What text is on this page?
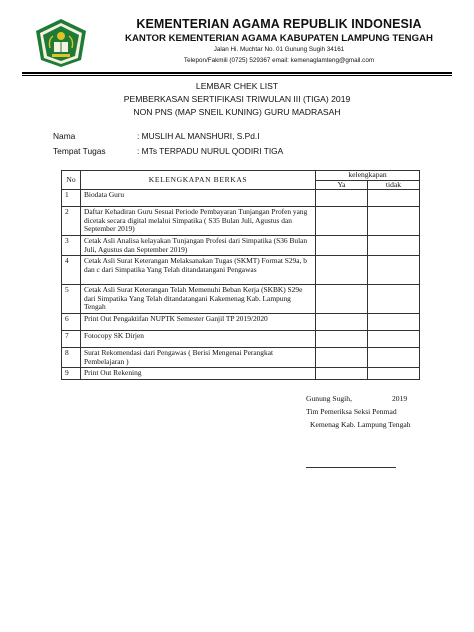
KEMENTERIAN AGAMA REPUBLIK INDONESIA
KANTOR KEMENTERIAN AGAMA KABUPATEN LAMPUNG TENGAH
Jalan Hi. Muchtar No. 01 Gunung Sugih 34161
Telepon/Fakmili (0725) 529367 email: kemenaglamteng@gmail.com
LEMBAR CHEK LIST
PEMBERKASAN SERTIFIKASI TRIWULAN III (TIGA) 2019
NON PNS (MAP SNEIL KUNING) GURU MADRASAH
Nama	: MUSLIH AL MANSHURI, S.Pd.I
Tempat Tugas	: MTs TERPADU NURUL QODIRI TIGA
No	KELENGKAPAN BERKAS	kelengkapan	
		Ya	tidak
1	Biodata Guru		
2	Daftar Kehadiran Guru Sesuai Periode Pembayaran Tunjangan Profen yang dicetak secara digital melalui Simpatika ( S35 Bulan Juli, Agustus dan September 2019)		
3	Cetak Asli Analisa kelayakan Tunjangan Profesi dari Simpatika (S36 Bulan Juli, Agustus dan September 2019)		
4	Cetak Asli Surat Keterangan Melaksanakan Tugas (SKMT) Format S29a, b dan c dari Simpatika Yang Telah ditandatangani Pengawas		
5	Cetak Asli Surat Keterangan Telah Memenuhi Beban Kerja (SKBK) S29e dari Simpatika Yang Telah ditandatangani Kakemenag Kab. Lampung Tengah		
6	Print Out Pengaktifan NUPTK Semester Ganjil TP 2019/2020		
7	Fotocopy SK Dirjen		
8	Surat Rekomendasi dari Pengawas ( Berisi Mengenai Perangkat Pembelajaran )		
9	Print Out Rekening		
Gunung Sugih,	2019
Tim Pemeriksa Seksi Penmad
Kemenag Kab. Lampung Tengah
